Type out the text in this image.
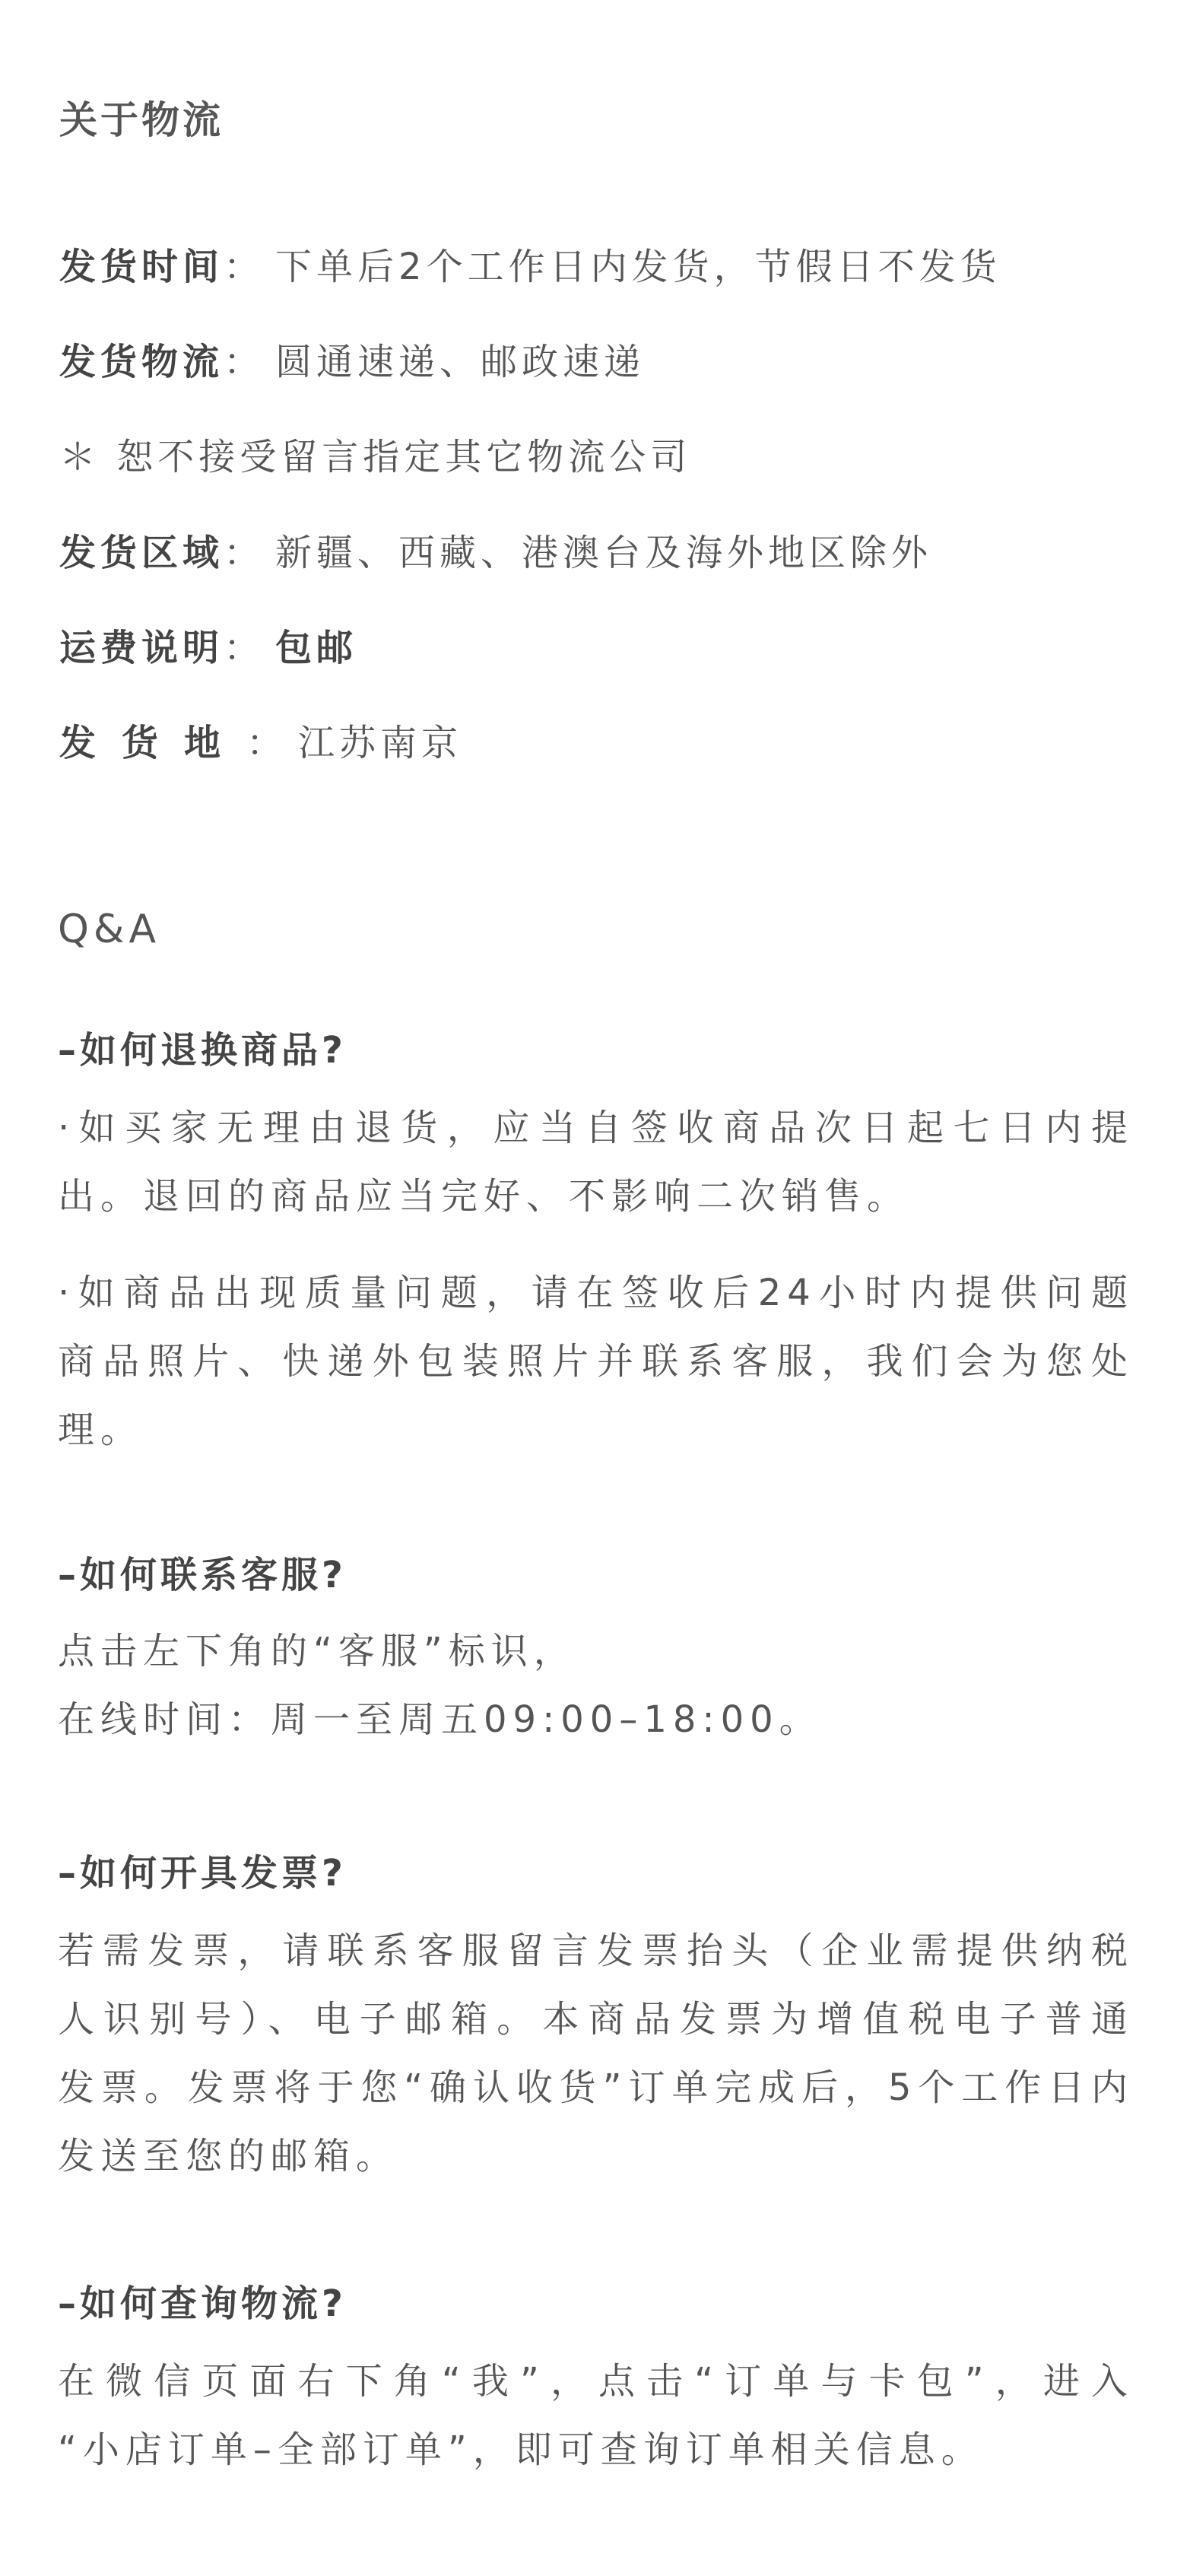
关于物流
发货时间： 下单后2个工作日内发货，节假日不发货
发货物流： 圆通速递、邮政速递
＊ 恕不接受留言指定其它物流公司
发货区域： 新疆、西藏、港澳台及海外地区除外
运费说明： 包邮
发货地： 江苏南京
Q&A
–如何退换商品?
·如买家无理由退货，应当自签收商品次日起七日内提
出。退回的商品应当完好、不影响二次销售。
·如商品出现质量问题，请在签收后24小时内提供问题
商品照片、快递外包装照片并联系客服，我们会为您处
理。
–如何联系客服?
点击左下角的“客服”标识，
在线时间：周一至周五09:00–18:00。
–如何开具发票?
若需发票，请联系客服留言发票抬头（企业需提供纳税
人识别号）、电子邮箱。本商品发票为增值税电子普通
发票。发票将于您“确认收货”订单完成后，5个工作日内
发送至您的邮箱。
–如何查询物流?
在微信页面右下角“我”，点击“订单与卡包”，进入
“小店订单–全部订单”，即可查询订单相关信息。
